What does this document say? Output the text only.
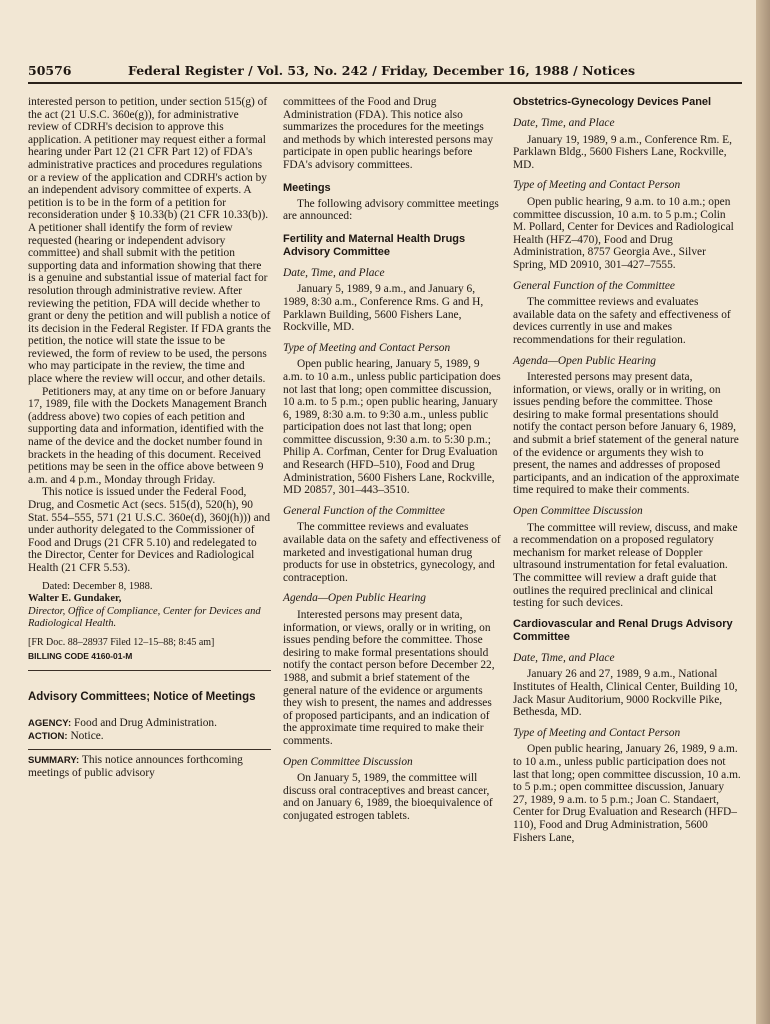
50576	Federal Register / Vol. 53, No. 242 / Friday, December 16, 1988 / Notices

interested person to petition, under section 515(g) of the act (21 U.S.C. 360e(g)), for administrative review of CDRH's decision to approve this application. A petitioner may request either a formal hearing under Part 12 (21 CFR Part 12) of FDA's administrative practices and procedures regulations or a review of the application and CDRH's action by an independent advisory committee of experts. A petition is to be in the form of a petition for reconsideration under § 10.33(b) (21 CFR 10.33(b)). A petitioner shall identify the form of review requested (hearing or independent advisory committee) and shall submit with the petition supporting data and information showing that there is a genuine and substantial issue of material fact for resolution through administrative review. After reviewing the petition, FDA will decide whether to grant or deny the petition and will publish a notice of its decision in the Federal Register. If FDA grants the petition, the notice will state the issue to be reviewed, the form of review to be used, the persons who may participate in the review, the time and place where the review will occur, and other details.

Petitioners may, at any time on or before January 17, 1989, file with the Dockets Management Branch (address above) two copies of each petition and supporting data and information, identified with the name of the device and the docket number found in brackets in the heading of this document. Received petitions may be seen in the office above between 9 a.m. and 4 p.m., Monday through Friday.

This notice is issued under the Federal Food, Drug, and Cosmetic Act (secs. 515(d), 520(h), 90 Stat. 554–555, 571 (21 U.S.C. 360e(d), 360j(h))) and under authority delegated to the Commissioner of Food and Drugs (21 CFR 5.10) and redelegated to the Director, Center for Devices and Radiological Health (21 CFR 5.53).

Dated: December 8, 1988.

Walter E. Gundaker,

Director, Office of Compliance, Center for Devices and Radiological Health.

[FR Doc. 88–28937 Filed 12–15–88; 8:45 am]

BILLING CODE 4160-01-M

Advisory Committees; Notice of Meetings

AGENCY: Food and Drug Administration.

ACTION: Notice.

SUMMARY: This notice announces forthcoming meetings of public advisory

committees of the Food and Drug Administration (FDA). This notice also summarizes the procedures for the meetings and methods by which interested persons may participate in open public hearings before FDA's advisory committees.

Meetings

The following advisory committee meetings are announced:

Fertility and Maternal Health Drugs Advisory Committee
Date, Time, and Place

January 5, 1989, 9 a.m., and January 6, 1989, 8:30 a.m., Conference Rms. G and H, Parklawn Building, 5600 Fishers Lane, Rockville, MD.

Type of Meeting and Contact Person

Open public hearing, January 5, 1989, 9 a.m. to 10 a.m., unless public participation does not last that long; open committee discussion, 10 a.m. to 5 p.m.; open public hearing, January 6, 1989, 8:30 a.m. to 9:30 a.m., unless public participation does not last that long; open committee discussion, 9:30 a.m. to 5:30 p.m.; Philip A. Corfman, Center for Drug Evaluation and Research (HFD–510), Food and Drug Administration, 5600 Fishers Lane, Rockville, MD 20857, 301–443–3510.

General Function of the Committee

The committee reviews and evaluates available data on the safety and effectiveness of marketed and investigational human drug products for use in obstetrics, gynecology, and contraception.

Agenda—Open Public Hearing

Interested persons may present data, information, or views, orally or in writing, on issues pending before the committee. Those desiring to make formal presentations should notify the contact person before December 22, 1988, and submit a brief statement of the general nature of the evidence or arguments they wish to present, the names and addresses of proposed participants, and an indication of the approximate time required to make their comments.

Open Committee Discussion

On January 5, 1989, the committee will discuss oral contraceptives and breast cancer, and on January 6, 1989, the bioequivalence of conjugated estrogen tablets.

Obstetrics-Gynecology Devices Panel
Date, Time, and Place

January 19, 1989, 9 a.m., Conference Rm. E, Parklawn Bldg., 5600 Fishers Lane, Rockville, MD.

Type of Meeting and Contact Person

Open public hearing, 9 a.m. to 10 a.m.; open committee discussion, 10 a.m. to 5 p.m.; Colin M. Pollard, Center for Devices and Radiological Health (HFZ–470), Food and Drug Administration, 8757 Georgia Ave., Silver Spring, MD 20910, 301–427–7555.

General Function of the Committee

The committee reviews and evaluates available data on the safety and effectiveness of devices currently in use and makes recommendations for their regulation.

Agenda—Open Public Hearing

Interested persons may present data, information, or views, orally or in writing, on issues pending before the committee. Those desiring to make formal presentations should notify the contact person before January 6, 1989, and submit a brief statement of the general nature of the evidence or arguments they wish to present, the names and addresses of proposed participants, and an indication of the approximate time required to make their comments.

Open Committee Discussion

The committee will review, discuss, and make a recommendation on a proposed regulatory mechanism for market release of Doppler ultrasound instrumentation for fetal evaluation. The committee will review a draft guide that outlines the required preclinical and clinical testing for such devices.

Cardiovascular and Renal Drugs Advisory Committee
Date, Time, and Place

January 26 and 27, 1989, 9 a.m., National Institutes of Health, Clinical Center, Building 10, Jack Masur Auditorium, 9000 Rockville Pike, Bethesda, MD.

Type of Meeting and Contact Person

Open public hearing, January 26, 1989, 9 a.m. to 10 a.m., unless public participation does not last that long; open committee discussion, 10 a.m. to 5 p.m.; open committee discussion, January 27, 1989, 9 a.m. to 5 p.m.; Joan C. Standaert, Center for Drug Evaluation and Research (HFD–110), Food and Drug Administration, 5600 Fishers Lane,
